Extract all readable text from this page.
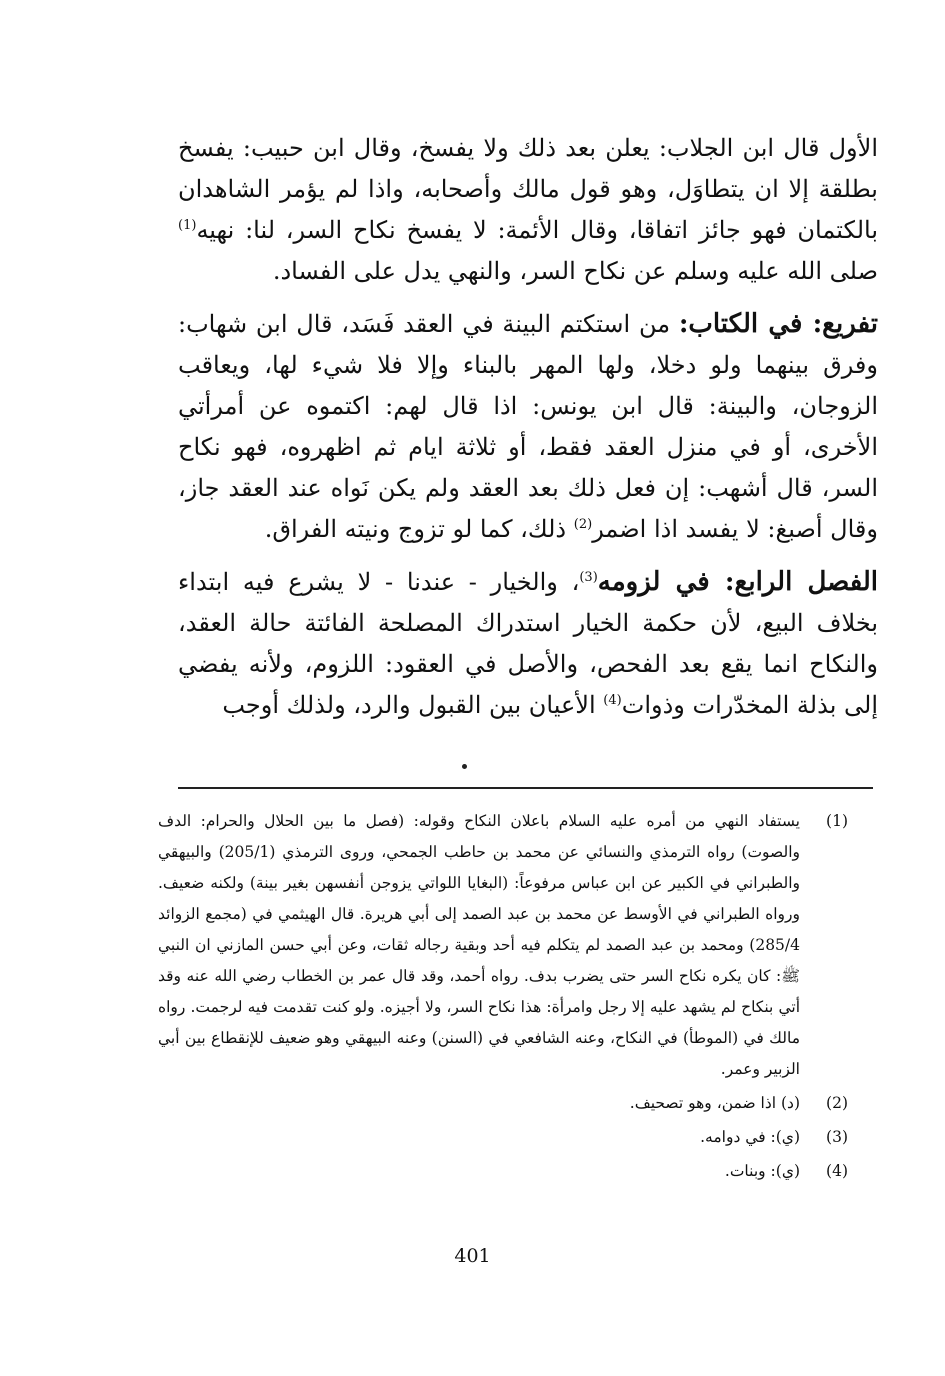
الأول قال ابن الجلاب: يعلن بعد ذلك ولا يفسخ، وقال ابن حبيب: يفسخ بطلقة إلا ان يتطاوَل، وهو قول مالك وأصحابه، واذا لم يؤمر الشاهدان بالكتمان فهو جائز اتفاقا، وقال الأئمة: لا يفسخ نكاح السر، لنا: نهيه$^{(1)}$ صلى الله عليه وسلم عن نكاح السر، والنهي يدل على الفساد.

تفريع: في الكتاب: من استكتم البينة في العقد فَسَد، قال ابن شهاب: وفرق بينهما ولو دخلا، ولها المهر بالبناء وإلا فلا شيء لها، ويعاقب الزوجان، والبينة: قال ابن يونس: اذا قال لهم: اكتموه عن أمرأتي الأخرى، أو في منزل العقد فقط، أو ثلاثة ايام ثم اظهروه، فهو نكاح السر، قال أشهب: إن فعل ذلك بعد العقد ولم يكن نَواه عند العقد جاز، وقال أصبغ: لا يفسد اذا اضمر$^{(2)}$ ذلك، كما لو تزوج ونيته الفراق.

الفصل الرابع: في لزومه$^{(3)}$، والخيار - عندنا - لا يشرع فيه ابتداء بخلاف البيع، لأن حكمة الخيار استدراك المصلحة الفائتة حالة العقد، والنكاح انما يقع بعد الفحص، والأصل في العقود: اللزوم، ولأنه يفضي إلى بذلة المخدّرات وذوات$^{(4)}$ الأعيان بين القبول والرد، ولذلك أوجب

(1)
يستفاد النهي من أمره عليه السلام باعلان النكاح وقوله: (فصل ما بين الحلال والحرام: الدف والصوت) رواه الترمذي والنسائي عن محمد بن حاطب الجمحي، وروى الترمذي (205/1) والبيهقي والطبراني في الكبير عن ابن عباس مرفوعاً: (البغايا اللواتي يزوجن أنفسهن بغير بينة) ولكنه ضعيف. ورواه الطبراني في الأوسط عن محمد بن عبد الصمد إلى أبي هريرة. قال الهيثمي في (مجمع الزوائد 285/4) ومحمد بن عبد الصمد لم يتكلم فيه أحد وبقية رجاله ثقات، وعن أبي حسن المازني ان النبي ﷺ: كان يكره نكاح السر حتى يضرب بدف. رواه أحمد، وقد قال عمر بن الخطاب رضي الله عنه وقد أتي بنكاح لم يشهد عليه إلا رجل وامرأة: هذا نكاح السر، ولا أجيزه. ولو كنت تقدمت فيه لرجمت. رواه مالك في (الموطأ) في النكاح، وعنه الشافعي في (السنن) وعنه البيهقي وهو ضعيف للإنقطاع بين أبي الزبير وعمر.
(2)
(د) اذا ضمن، وهو تصحيف.
(3)
(ي): في دوامه.
(4)
(ي): وبنات.
401
